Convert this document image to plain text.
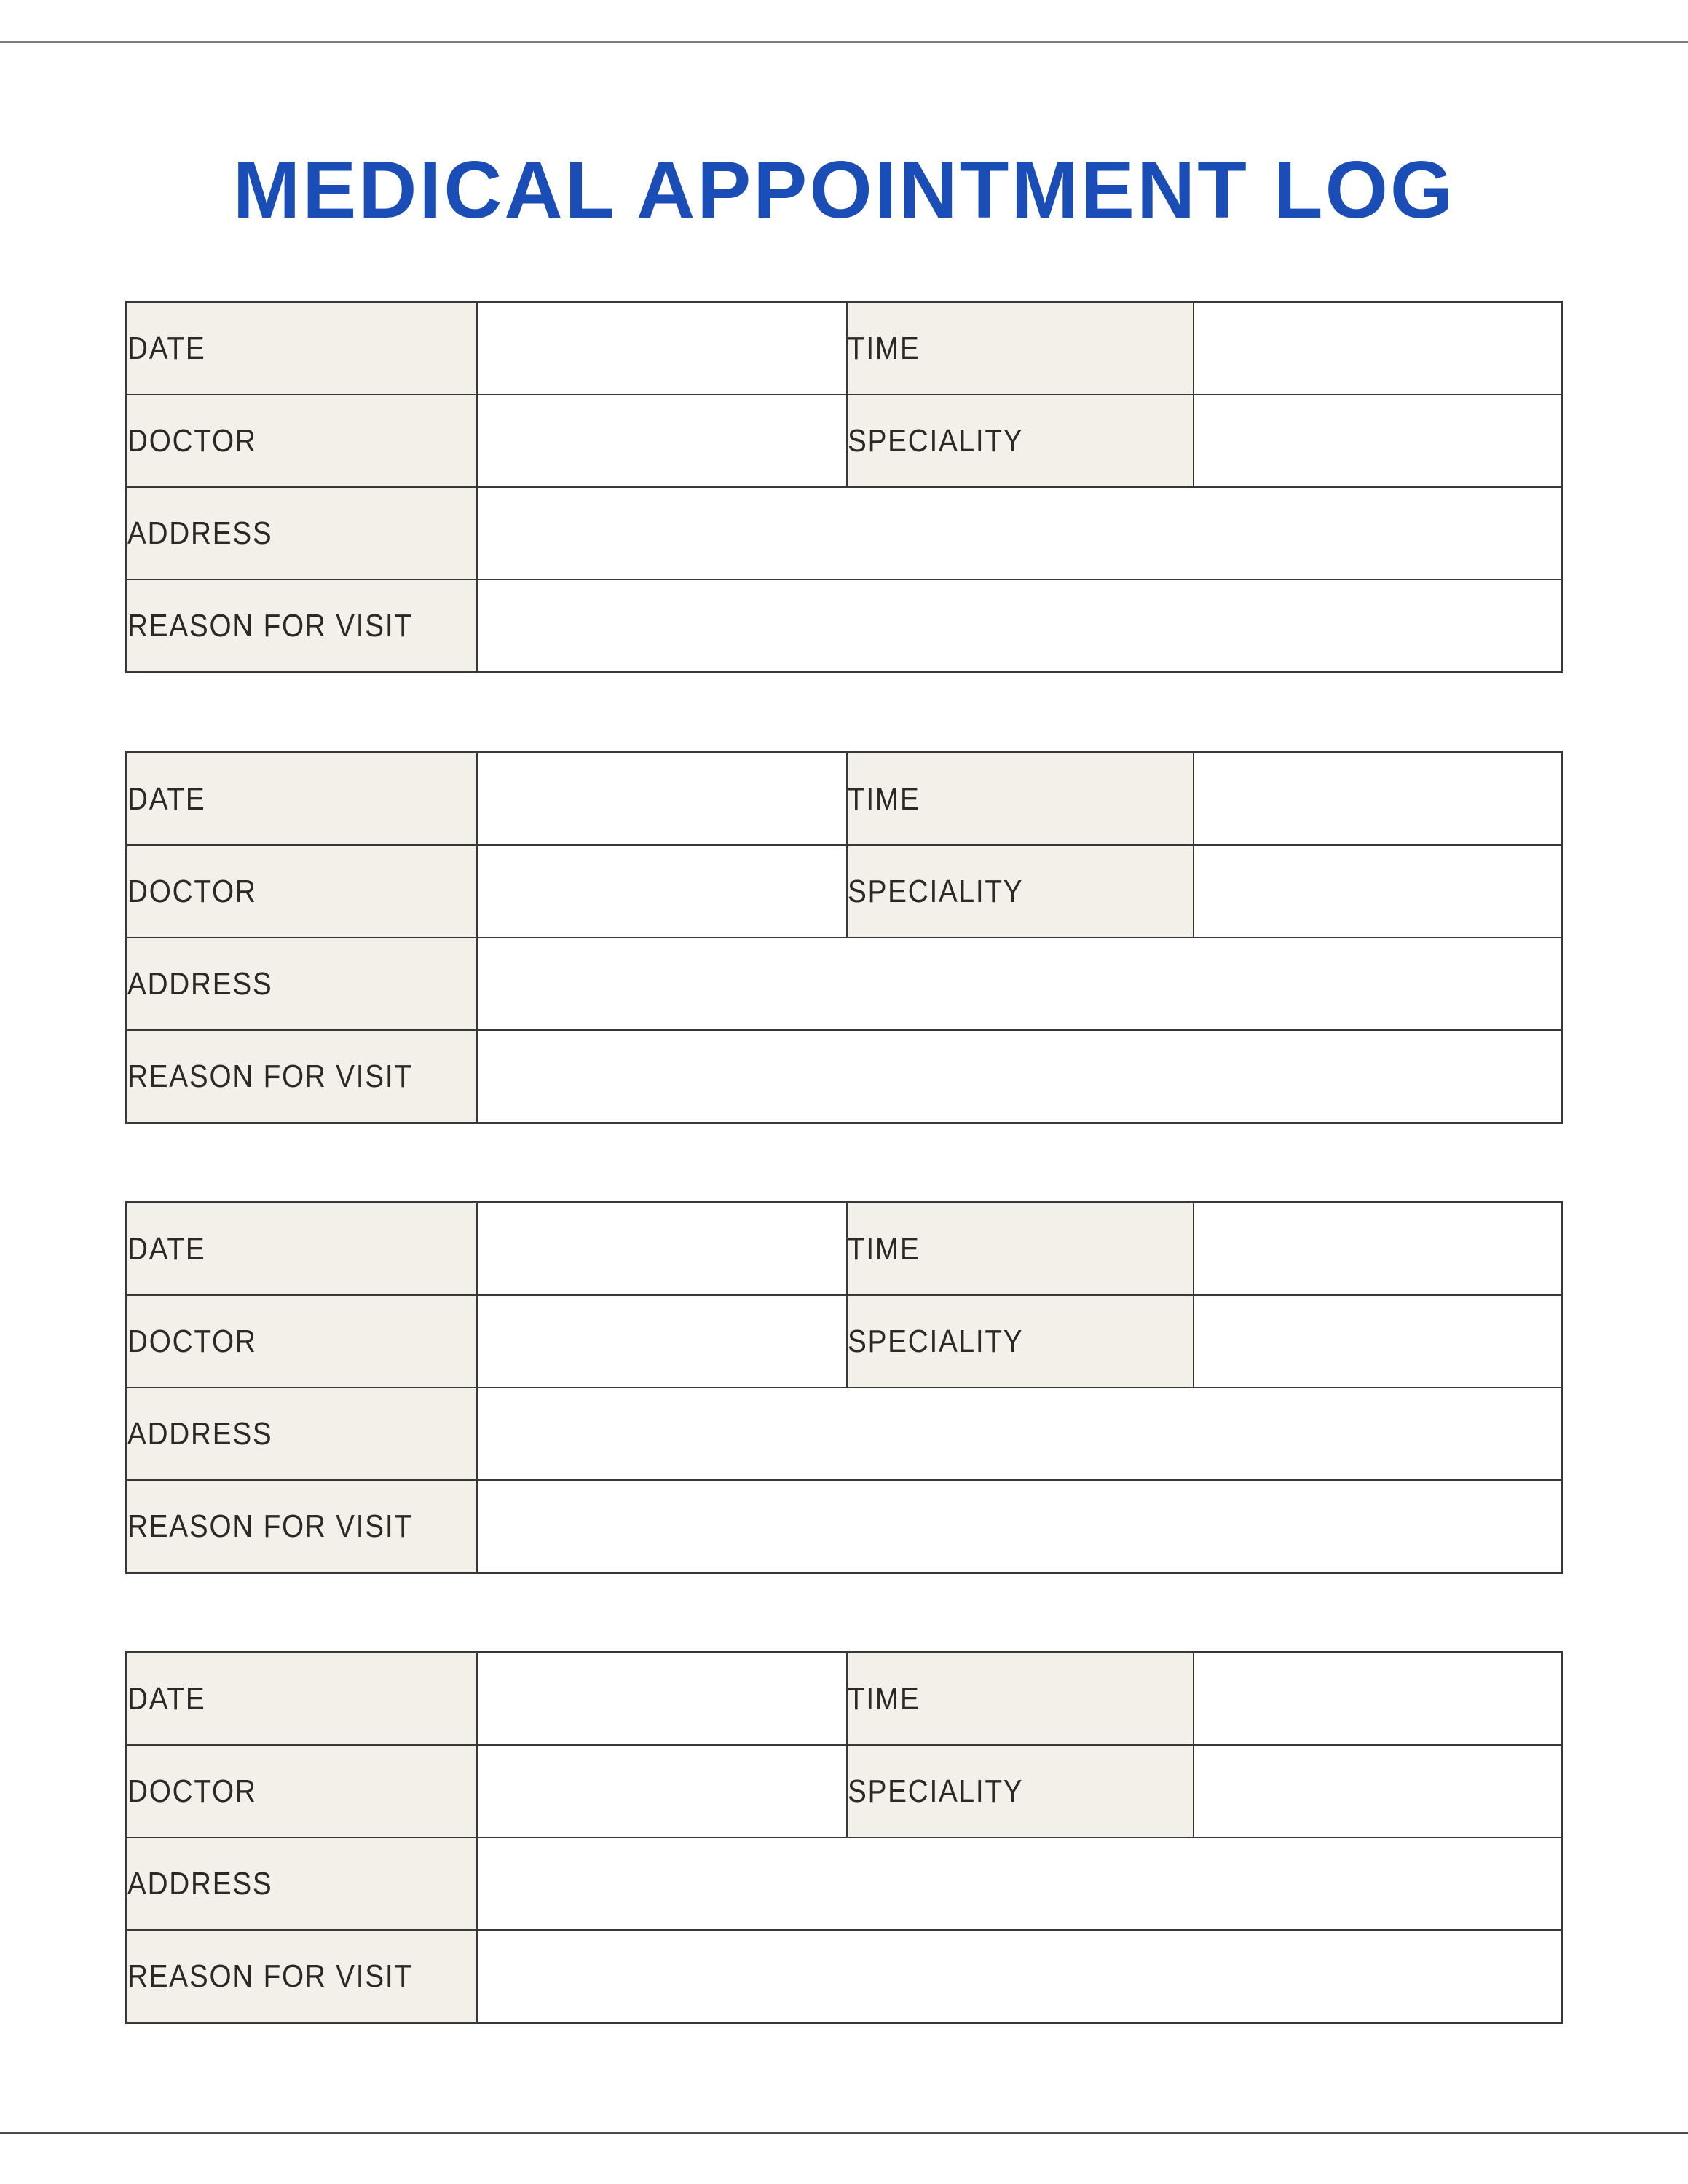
MEDICAL APPOINTMENT LOG
DATE		TIME	
DOCTOR		SPECIALITY	
ADDRESS			
REASON FOR VISIT			
DATE		TIME	
DOCTOR		SPECIALITY	
ADDRESS			
REASON FOR VISIT			
DATE		TIME	
DOCTOR		SPECIALITY	
ADDRESS			
REASON FOR VISIT			
DATE		TIME	
DOCTOR		SPECIALITY	
ADDRESS			
REASON FOR VISIT			
